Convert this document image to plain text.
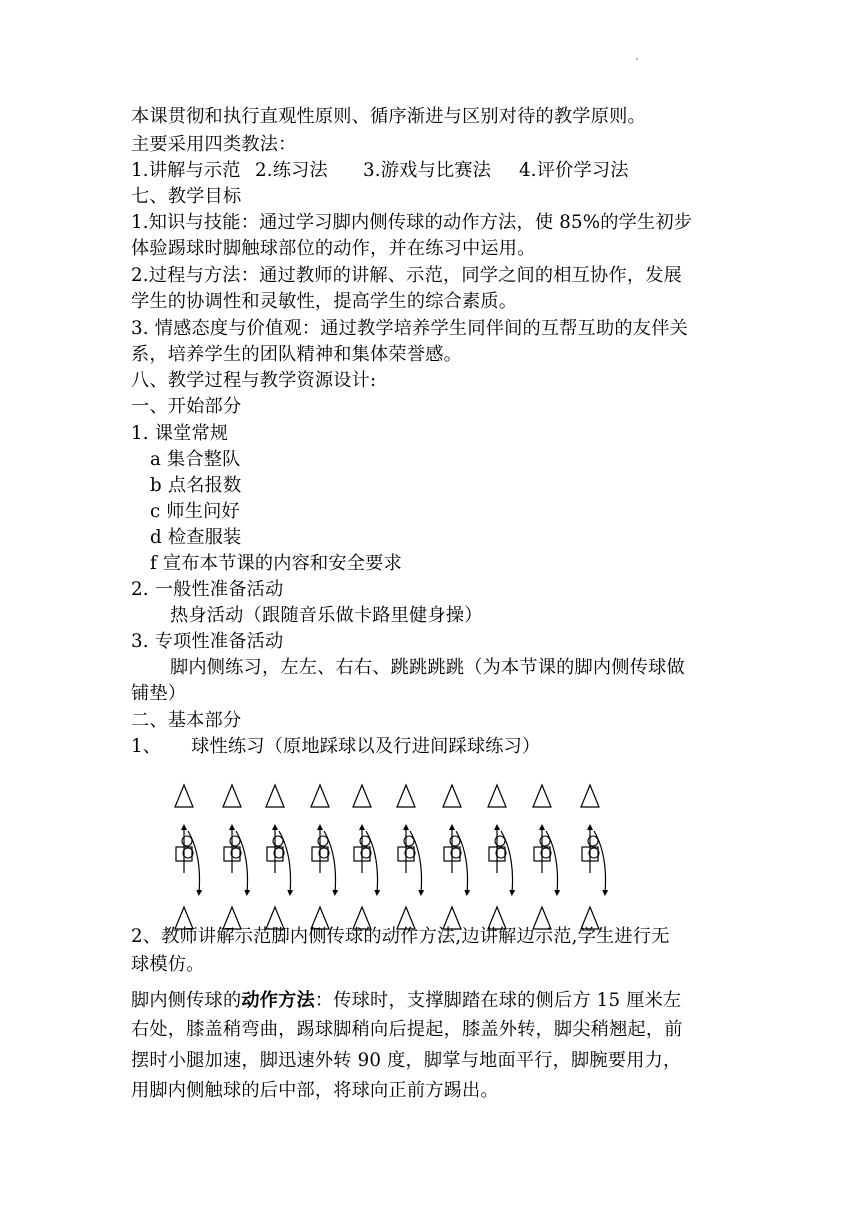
本课贯彻和执行直观性原则、循序渐进与区别对待的教学原则。
主要采用四类教法：
1.讲解与示范 2.练习法 3.游戏与比赛法 4.评价学习法
七、教学目标
1.知识与技能：通过学习脚内侧传球的动作方法，使 85%的学生初步
体验踢球时脚触球部位的动作，并在练习中运用。
2.过程与方法：通过教师的讲解、示范，同学之间的相互协作，发展
学生的协调性和灵敏性，提高学生的综合素质。
3. 情感态度与价值观：通过教学培养学生同伴间的互帮互助的友伴关
系，培养学生的团队精神和集体荣誉感。
八、教学过程与教学资源设计:
一、开始部分
1. 课堂常规
a 集合整队
b 点名报数
c 师生问好
d 检查服装
f 宣布本节课的内容和安全要求
2. 一般性准备活动
热身活动（跟随音乐做卡路里健身操）
3. 专项性准备活动
脚内侧练习，左左、右右、跳跳跳跳（为本节课的脚内侧传球做
铺垫）
二、基本部分
1、     球性练习（原地踩球以及行进间踩球练习）
2、教师讲解示范脚内侧传球的动作方法,边讲解边示范,学生进行无
球模仿。
脚内侧传球的动作方法：传球时，支撑脚踏在球的侧后方 15 厘米左
右处，膝盖稍弯曲，踢球脚稍向后提起，膝盖外转，脚尖稍翘起，前
摆时小腿加速，脚迅速外转 90 度，脚掌与地面平行，脚腕要用力，
用脚内侧触球的后中部，将球向正前方踢出。
